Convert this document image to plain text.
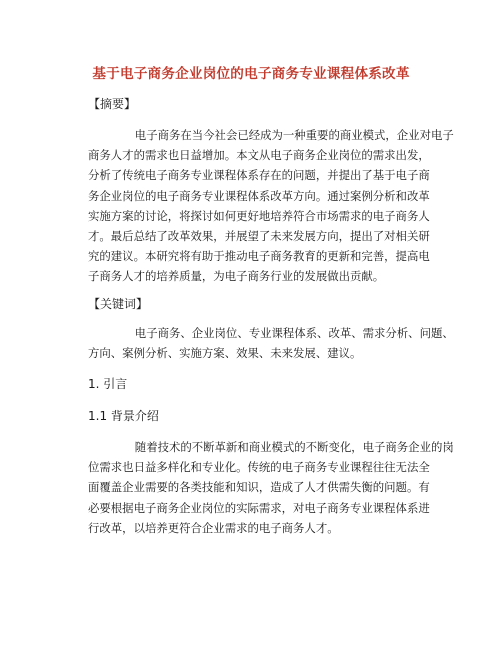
基于电子商务企业岗位的电子商务专业课程体系改革
【摘要】
电子商务在当今社会已经成为一种重要的商业模式，企业对电子
商务人才的需求也日益增加。本文从电子商务企业岗位的需求出发，
分析了传统电子商务专业课程体系存在的问题，并提出了基于电子商
务企业岗位的电子商务专业课程体系改革方向。通过案例分析和改革
实施方案的讨论，将探讨如何更好地培养符合市场需求的电子商务人
才。最后总结了改革效果，并展望了未来发展方向，提出了对相关研
究的建议。本研究将有助于推动电子商务教育的更新和完善，提高电
子商务人才的培养质量，为电子商务行业的发展做出贡献。
【关键词】
电子商务、企业岗位、专业课程体系、改革、需求分析、问题、
方向、案例分析、实施方案、效果、未来发展、建议。
1. 引言
1.1 背景介绍
随着技术的不断革新和商业模式的不断变化，电子商务企业的岗
位需求也日益多样化和专业化。传统的电子商务专业课程往往无法全
面覆盖企业需要的各类技能和知识，造成了人才供需失衡的问题。有
必要根据电子商务企业岗位的实际需求，对电子商务专业课程体系进
行改革，以培养更符合企业需求的电子商务人才。
